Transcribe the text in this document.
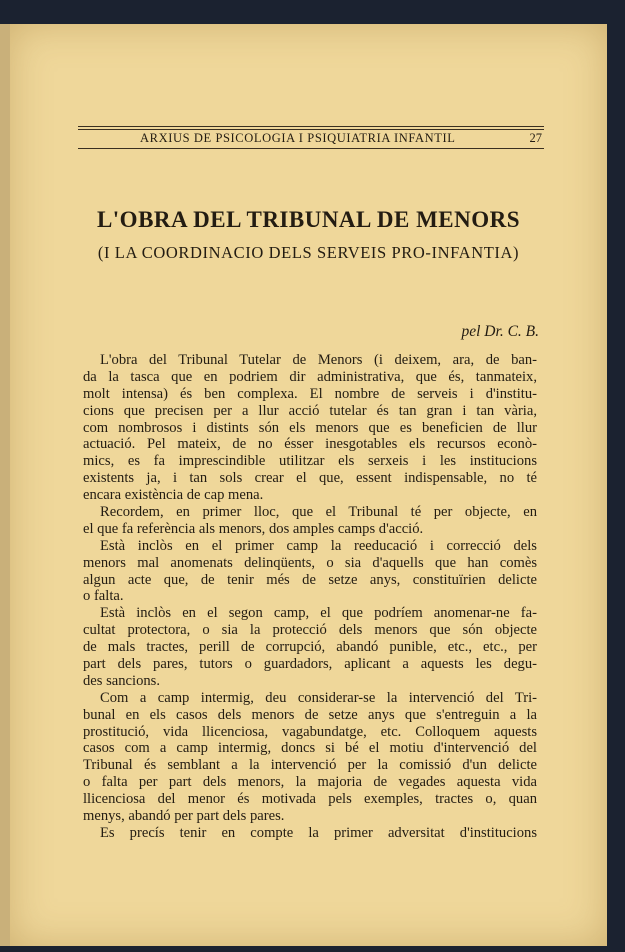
ARXIUS DE PSICOLOGIA I PSIQUIATRIA INFANTIL	27
L'OBRA DEL TRIBUNAL DE MENORS
(I LA COORDINACIO DELS SERVEIS PRO-INFANTIA)
pel Dr. C. B.
L'obra del Tribunal Tutelar de Menors (i deixem, ara, de ban-
da la tasca que en podriem dir administrativa, que és, tanmateix,
molt intensa) és ben complexa. El nombre de serveis i d'institu-
cions que precisen per a llur acció tutelar és tan gran i tan vària,
com nombrosos i distints són els menors que es beneficien de llur
actuació. Pel mateix, de no ésser inesgotables els recursos econò-
mics, es fa imprescindible utilitzar els serxeis i les institucions
existents ja, i tan sols crear el que, essent indispensable, no té
encara existència de cap mena.
Recordem, en primer lloc, que el Tribunal té per objecte, en
el que fa referència als menors, dos amples camps d'acció.
Està inclòs en el primer camp la reeducació i correcció dels
menors mal anomenats delinqüents, o sia d'aquells que han comès
algun acte que, de tenir més de setze anys, constituïrien delicte
o falta.
Està inclòs en el segon camp, el que podríem anomenar-ne fa-
cultat protectora, o sia la protecció dels menors que són objecte
de mals tractes, perill de corrupció, abandó punible, etc., etc., per
part dels pares, tutors o guardadors, aplicant a aquests les degu-
des sancions.
Com a camp intermig, deu considerar-se la intervenció del Tri-
bunal en els casos dels menors de setze anys que s'entreguin a la
prostitució, vida llicenciosa, vagabundatge, etc. Colloquem aquests
casos com a camp intermig, doncs si bé el motiu d'intervenció del
Tribunal és semblant a la intervenció per la comissió d'un delicte
o falta per part dels menors, la majoria de vegades aquesta vida
llicenciosa del menor és motivada pels exemples, tractes o, quan
menys, abandó per part dels pares.
Es precís tenir en compte la primer adversitat d'institucions
